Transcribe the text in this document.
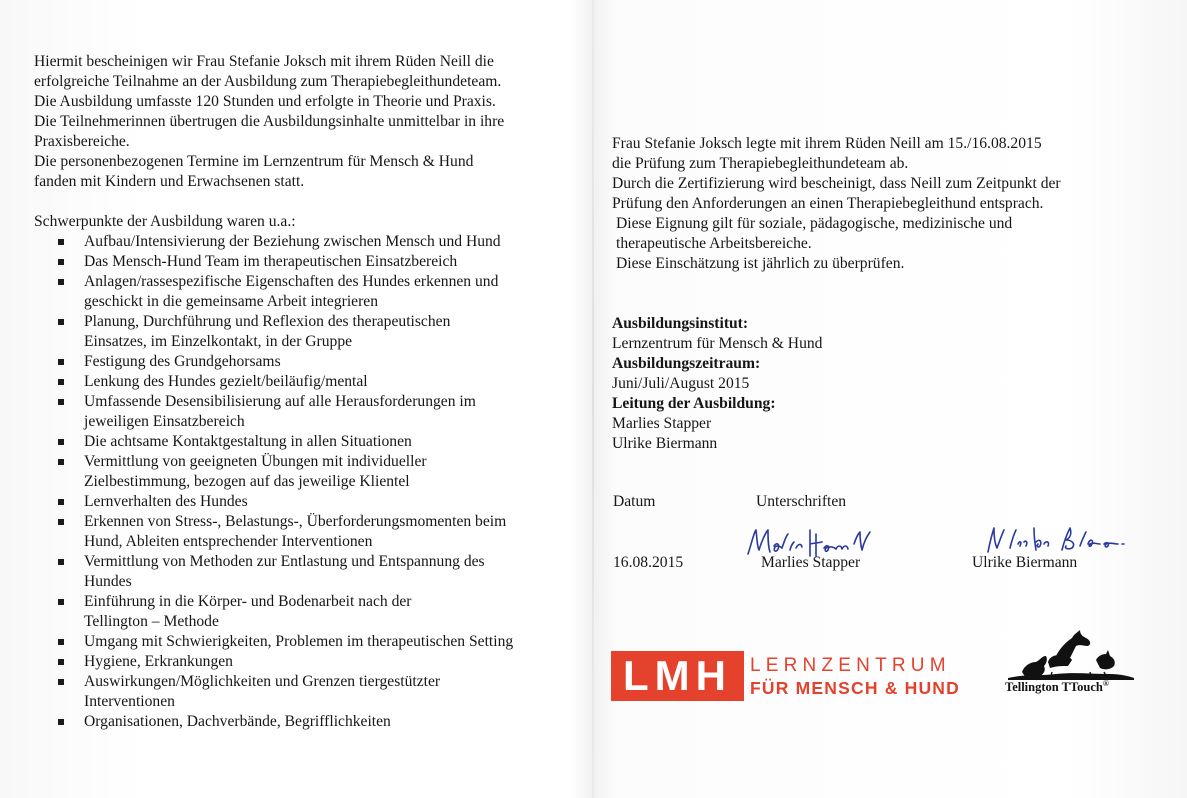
Hiermit bescheinigen wir Frau Stefanie Joksch mit ihrem Rüden Neill die
erfolgreiche Teilnahme an der Ausbildung zum Therapiebegleithundeteam.
Die Ausbildung umfasste 120 Stunden und erfolgte in Theorie und Praxis.
Die Teilnehmerinnen übertrugen die Ausbildungsinhalte unmittelbar in ihre
Praxisbereiche.
Die personenbezogenen Termine im Lernzentrum für Mensch & Hund
fanden mit Kindern und Erwachsenen statt.

Schwerpunkte der Ausbildung waren u.a.:

Aufbau/Intensivierung der Beziehung zwischen Mensch und Hund
Das Mensch-Hund Team im therapeutischen Einsatzbereich
Anlagen/rassespezifische Eigenschaften des Hundes erkennen und
geschickt in die gemeinsame Arbeit integrieren
Planung, Durchführung und Reflexion des therapeutischen
Einsatzes, im Einzelkontakt, in der Gruppe
Festigung des Grundgehorsams
Lenkung des Hundes gezielt/beiläufig/mental
Umfassende Desensibilisierung auf alle Herausforderungen im
jeweiligen Einsatzbereich
Die achtsame Kontaktgestaltung in allen Situationen
Vermittlung von geeigneten Übungen mit individueller
Zielbestimmung, bezogen auf das jeweilige Klientel
Lernverhalten des Hundes
Erkennen von Stress-, Belastungs-, Überforderungsmomenten beim
Hund, Ableiten entsprechender Interventionen
Vermittlung von Methoden zur Entlastung und Entspannung des
Hundes
Einführung in die Körper- und Bodenarbeit nach der
Tellington – Methode
Umgang mit Schwierigkeiten, Problemen im therapeutischen Setting
Hygiene, Erkrankungen
Auswirkungen/Möglichkeiten und Grenzen tiergestützter
Interventionen
Organisationen, Dachverbände, Begrifflichkeiten
Frau Stefanie Joksch legte mit ihrem Rüden Neill am 15./16.08.2015
die Prüfung zum Therapiebegleithundeteam ab.
Durch die Zertifizierung wird bescheinigt, dass Neill zum Zeitpunkt der
Prüfung den Anforderungen an einen Therapiebegleithund entsprach.
Diese Eignung gilt für soziale, pädagogische, medizinische und
therapeutische Arbeitsbereiche.
Diese Einschätzung ist jährlich zu überprüfen.
Ausbildungsinstitut:
Lernzentrum für Mensch & Hund
Ausbildungszeitraum:
Juni/Juli/August 2015
Leitung der Ausbildung:
Marlies Stapper
Ulrike Biermann
Datum	Unterschriften
16.08.2015	Marlies Stapper	Ulrike Biermann
LMH LERNZENTRUM
FÜR MENSCH & HUND	Tellington TTouch®
